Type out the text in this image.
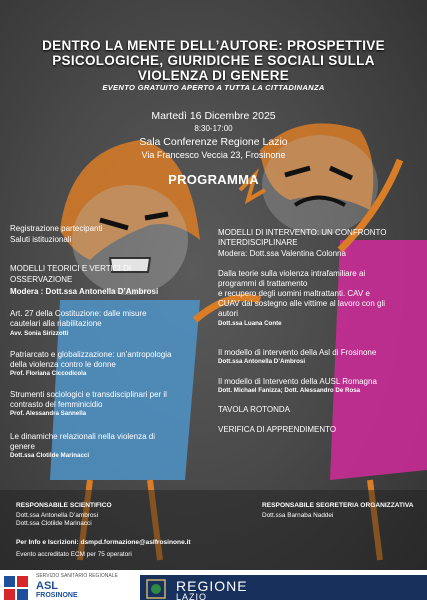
DENTRO LA MENTE DELL’AUTORE: PROSPETTIVE
PSICOLOGICHE, GIURIDICHE E SOCIALI SULLA
VIOLENZA DI GENERE
EVENTO GRATUITO APERTO A TUTTA LA CITTADINANZA
Martedì 16 Dicembre 2025
8:30-17:00
Sala Conferenze Regione Lazio
Via Francesco Veccia 23, Frosinone
PROGRAMMA
Registrazione partecipanti
Saluti istituzionali
MODELLI TEORICI E VERTICI DI
OSSERVAZIONE
Modera : Dott.ssa Antonella D’Ambrosi
Art. 27 della Costituzione: dalle misure
cautelari alla riabilitazione
Avv. Sonia Sirizzotti
Patriarcato e globalizzazione: un’antropologia
della violenza contro le donne
Prof. Floriana Ciccodicola
Strumenti sociologici e transdisciplinari per il
contrasto del femminicidio
Prof. Alessandra Sannella
Le dinamiche relazionali nella violenza di
genere
Dott.ssa Clotilde Marinacci
MODELLI DI INTERVENTO: UN CONFRONTO
INTERDISCIPLINARE
Modera: Dott.ssa Valentina Colonna
Dalla teorie sulla violenza intrafamiliare ai
programmi di trattamento
e recupero degli uomini maltrattanti. CAV e
CUAV dal sostegno alle vittime al lavoro con gli
autori
Dott.ssa Luana Conte
Il modello di intervento della Asl di Frosinone
Dott.ssa Antonella D’Ambrosi
Il modello di Intervento della AUSL Romagna
Dott. Michael Fanizza; Dott. Alessandro De Rosa
TAVOLA ROTONDA
VERIFICA DI APPRENDIMENTO
RESPONSABILE SCIENTIFICO
Dott.ssa Antonella D’ambrosi
Dott.ssa Clotilde Marinacci
RESPONSABILE SEGRETERIA ORGANIZZATIVA
Dott.ssa Barnaba Naddei
Per Info e Iscrizioni: dsmpd.formazione@aslfrosinone.it
Evento accreditato ECM per 75 operatori
SERVIZIO SANITARIO REGIONALE
ASL
FROSINONE
REGIONE
LAZIO
